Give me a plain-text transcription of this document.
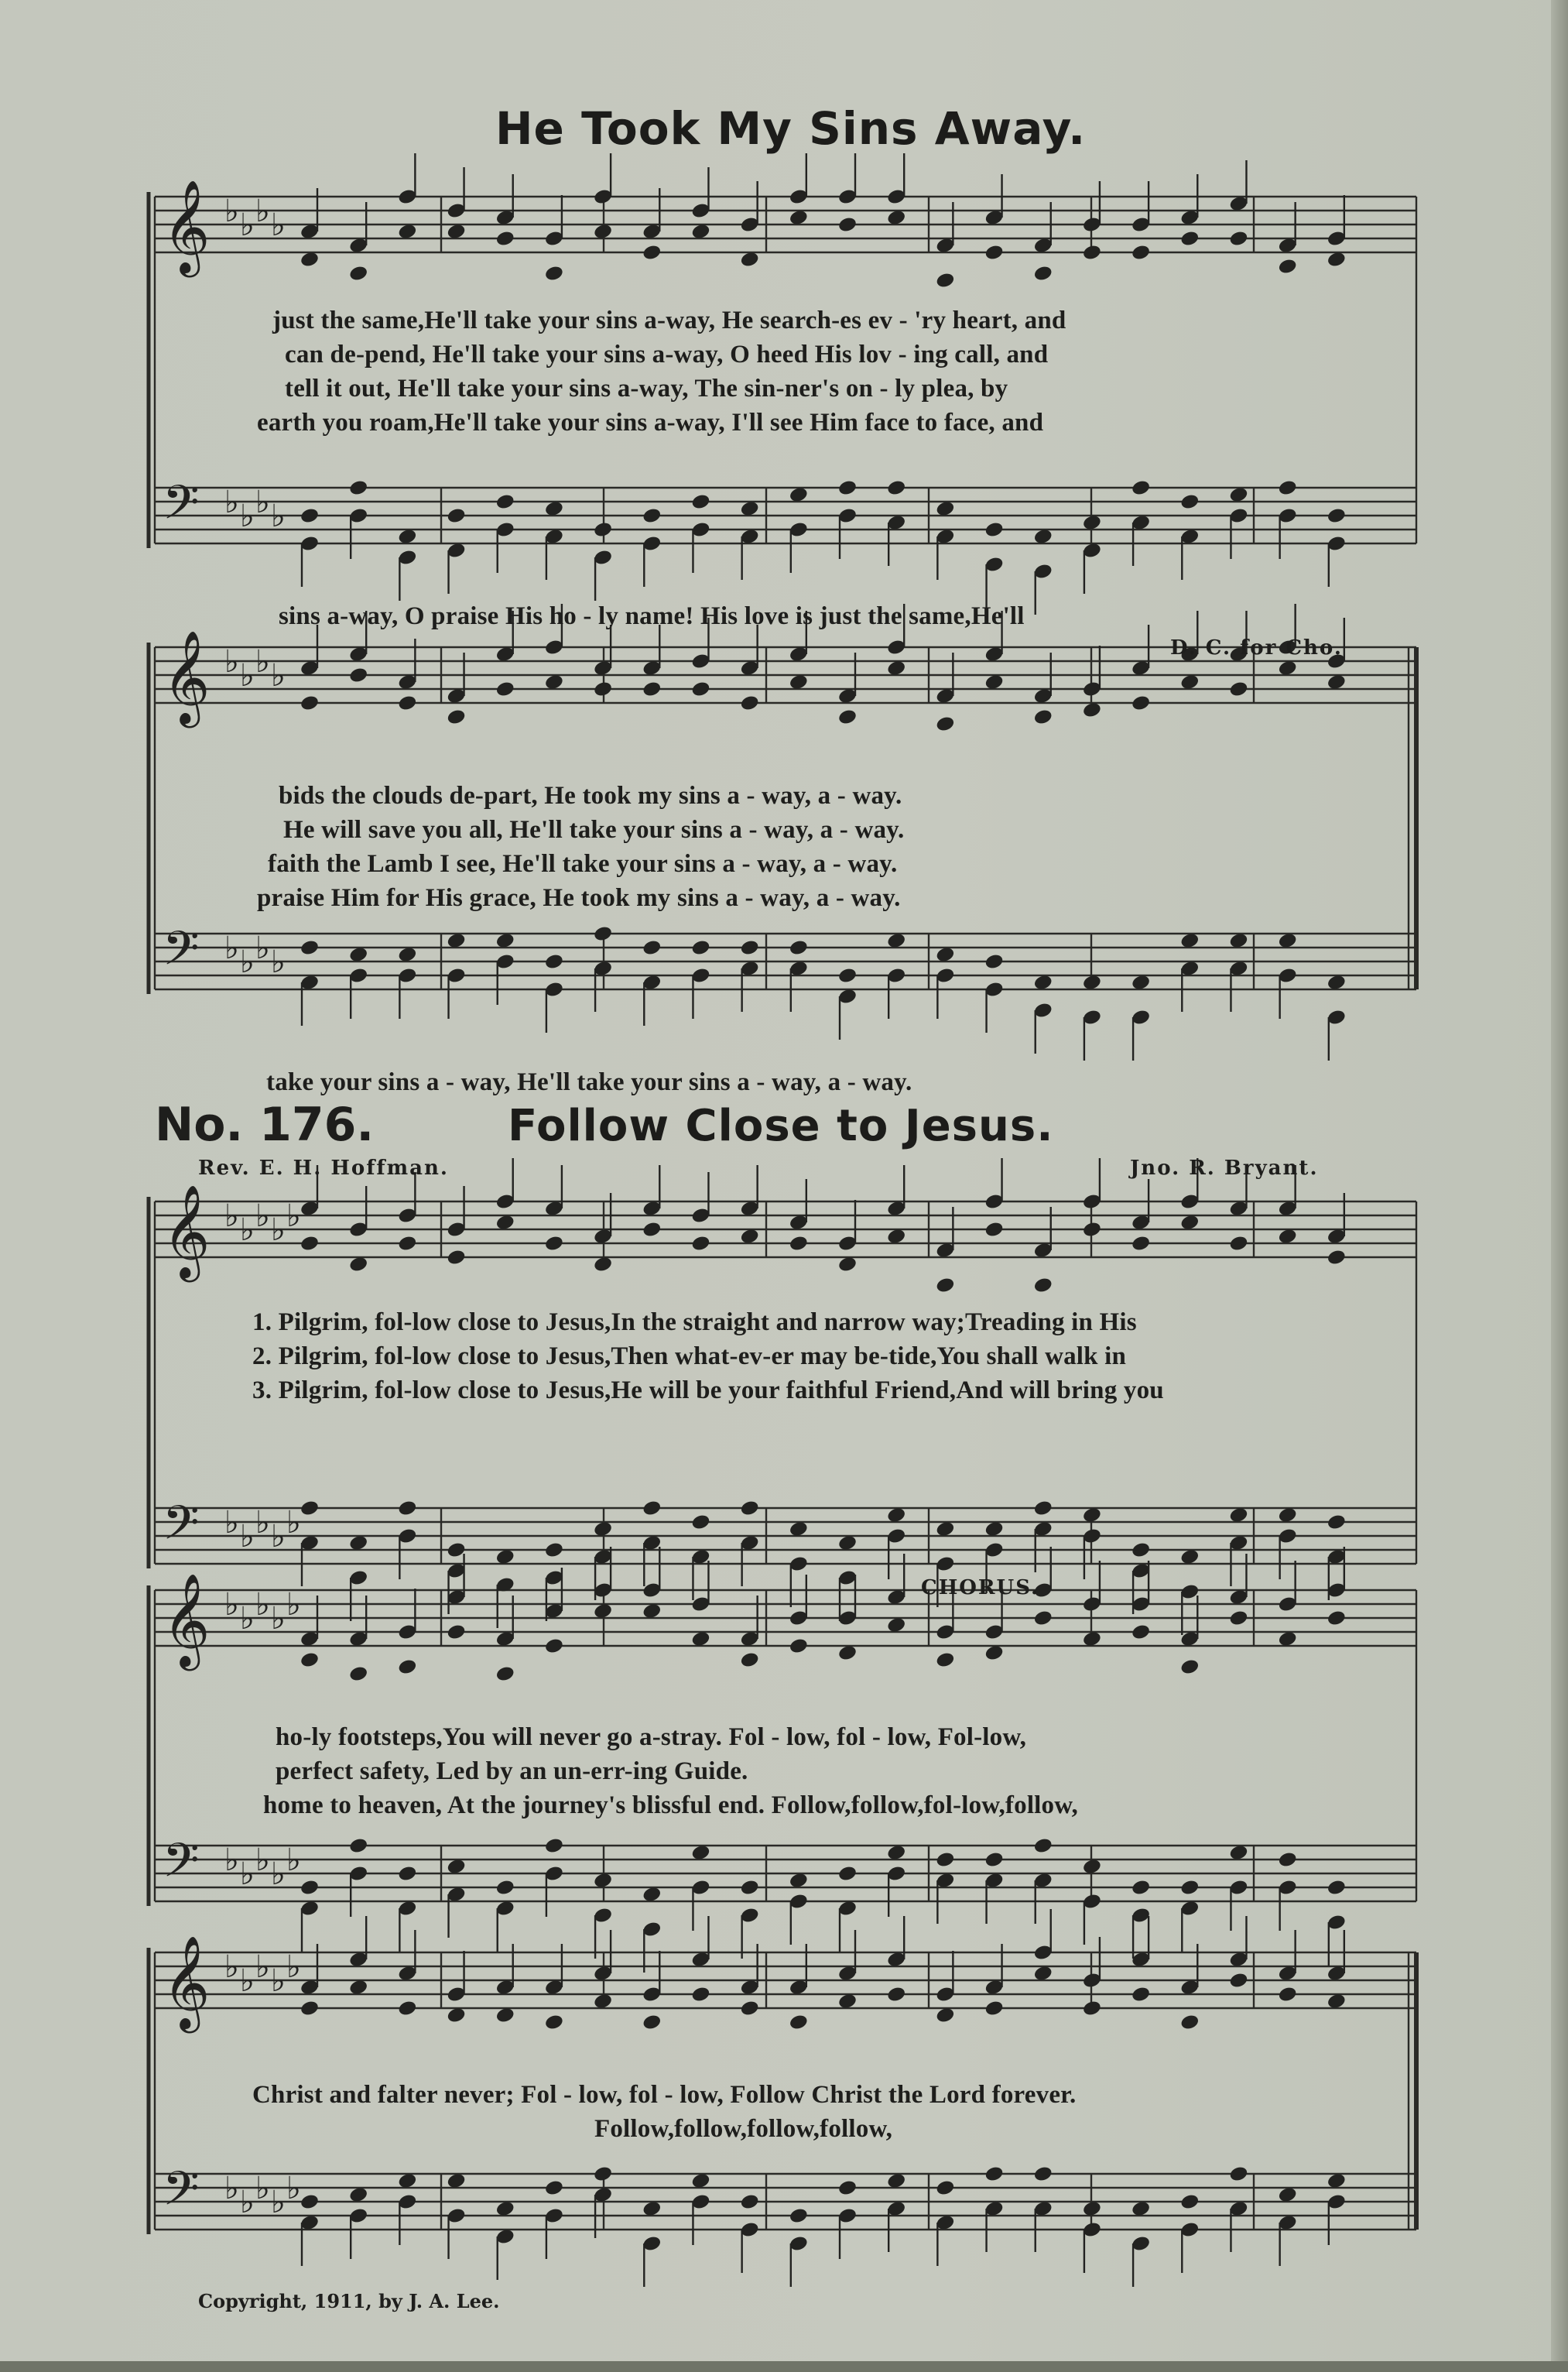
𝄞 ♭ ♭ ♭ ♭
𝄢 ♭ ♭ ♭ ♭
𝄞 ♭ ♭ ♭ ♭
𝄢 ♭ ♭ ♭ ♭
𝄞 ♭ ♭ ♭ ♭ ♭
𝄢 ♭ ♭ ♭ ♭ ♭
𝄞 ♭ ♭ ♭ ♭ ♭
𝄢 ♭ ♭ ♭ ♭ ♭
𝄞 ♭ ♭ ♭ ♭ ♭
𝄢 ♭ ♭ ♭ ♭ ♭
He Took My Sins Away.
just the same,He'll take your sins a-way, He search-es ev - 'ry heart, and
can de-pend, He'll take your sins a-way, O heed His lov - ing call, and
tell it out, He'll take your sins a-way, The sin-ner's on - ly plea, by
earth you roam,He'll take your sins a-way, I'll see Him face to face, and
sins a-way, O praise His ho - ly name! His love is just the same,He'll
D. C. for Cho.
bids the clouds de-part, He took my sins a - way, a - way.
He will save you all, He'll take your sins a - way, a - way.
faith the Lamb I see, He'll take your sins a - way, a - way.
praise Him for His grace, He took my sins a - way, a - way.
take your sins a - way, He'll take your sins a - way, a - way.
No. 176.	Follow Close to Jesus.
Rev. E. H. Hoffman.	Jno. R. Bryant.
1. Pilgrim, fol-low close to Jesus,In the straight and narrow way;Treading in His
2. Pilgrim, fol-low close to Jesus,Then what-ev-er may be-tide,You shall walk in
3. Pilgrim, fol-low close to Jesus,He will be your faithful Friend,And will bring you
CHORUS.
ho-ly footsteps,You will never go a-stray. Fol - low, fol - low, Fol-low,
perfect safety, Led by an un-err-ing Guide.
home to heaven, At the journey's blissful end. Follow,follow,fol-low,follow,
Christ and falter never; Fol - low, fol - low, Follow Christ the Lord forever.
Follow,follow,follow,follow,
Copyright, 1911, by J. A. Lee.
